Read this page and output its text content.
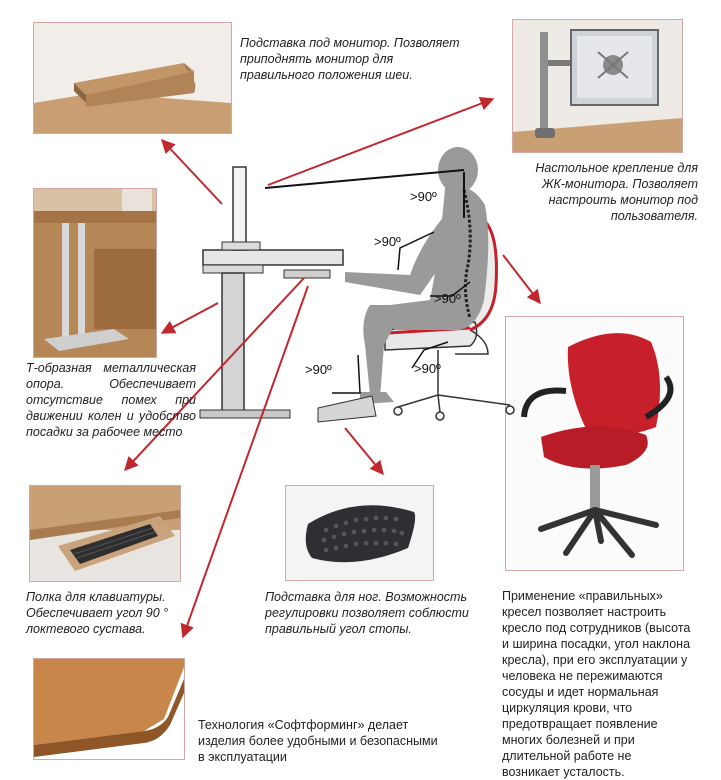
>90º
>90º
>90º
>90º	>90º
Подставка под монитор. Позволяет приподнять монитор для правильного положения шеи.
Настольное крепление для ЖК-монитора. Позволяет настроить монитор под пользователя.
Т-образная металлическая опора. Обеспечивает отсутствие помех при движении колен и удобство посадки за рабочее место
Полка для клавиатуры. Обеспечивает угол 90 ° локтевого сустава.
Подставка для ног. Возможность регулировки позволяет соблюсти правильный угол стопы.
Применение «правильных» кресел позволяет настроить кресло под сотрудников (высота и ширина посадки, угол наклона кресла), при его эксплуатации у человека не пережимаются сосуды и идет нормальная циркуляция крови, что предотвращает появление многих болезней и при длительной работе не возникает усталость.
Технология «Софтформинг» делает изделия более удобными и безопасными в эксплуатации
